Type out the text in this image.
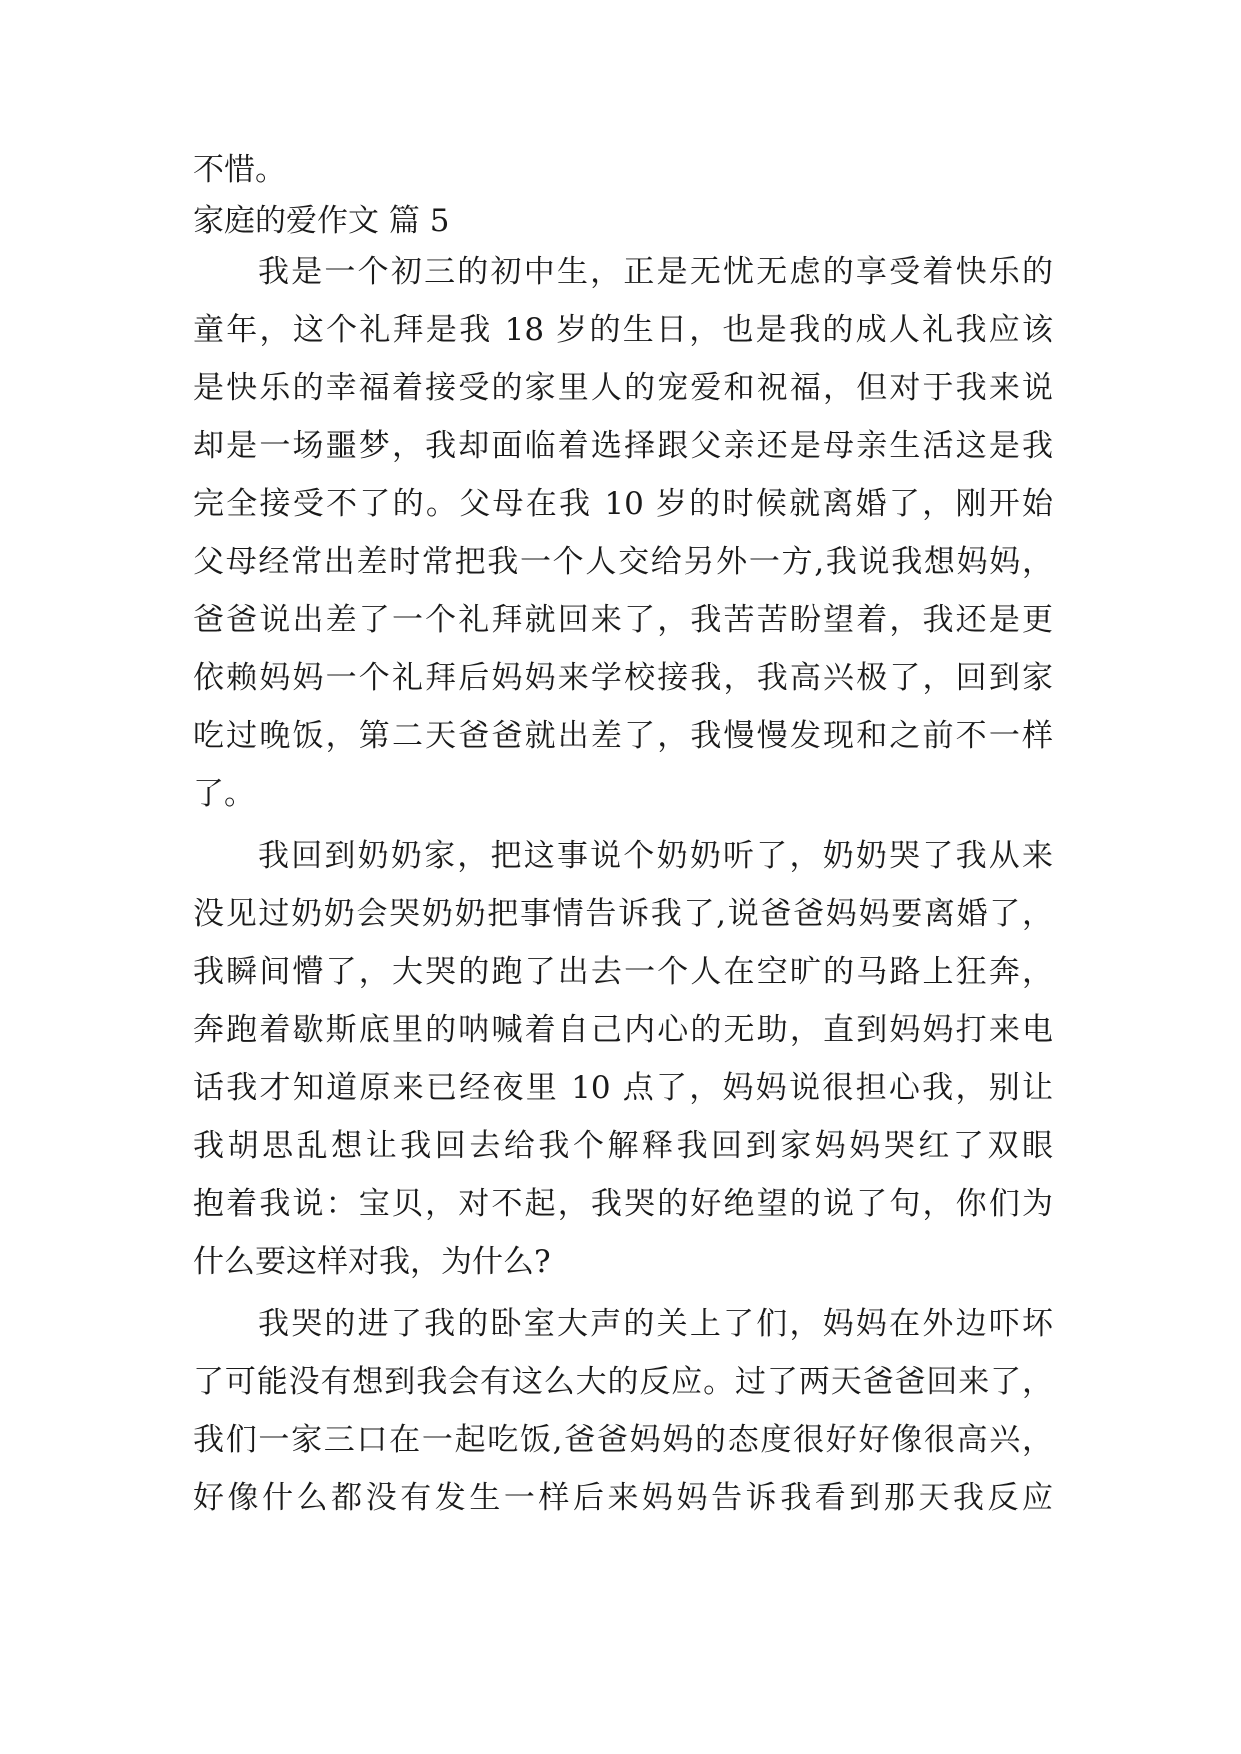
不惜。
家庭的爱作文 篇 5
我是一个初三的初中生，正是无忧无虑的享受着快乐的
童年，这个礼拜是我 18 岁的生日，也是我的成人礼我应该
是快乐的幸福着接受的家里人的宠爱和祝福，但对于我来说
却是一场噩梦，我却面临着选择跟父亲还是母亲生活这是我
完全接受不了的。父母在我 10 岁的时候就离婚了，刚开始
父母经常出差时常把我一个人交给另外一方,我说我想妈妈，
爸爸说出差了一个礼拜就回来了，我苦苦盼望着，我还是更
依赖妈妈一个礼拜后妈妈来学校接我，我高兴极了，回到家
吃过晚饭，第二天爸爸就出差了，我慢慢发现和之前不一样
了。
我回到奶奶家，把这事说个奶奶听了，奶奶哭了我从来
没见过奶奶会哭奶奶把事情告诉我了,说爸爸妈妈要离婚了，
我瞬间懵了，大哭的跑了出去一个人在空旷的马路上狂奔，
奔跑着歇斯底里的呐喊着自己内心的无助，直到妈妈打来电
话我才知道原来已经夜里 10 点了，妈妈说很担心我，别让
我胡思乱想让我回去给我个解释我回到家妈妈哭红了双眼
抱着我说：宝贝，对不起，我哭的好绝望的说了句，你们为
什么要这样对我，为什么?
我哭的进了我的卧室大声的关上了们，妈妈在外边吓坏
了可能没有想到我会有这么大的反应。过了两天爸爸回来了，
我们一家三口在一起吃饭,爸爸妈妈的态度很好好像很高兴，
好像什么都没有发生一样后来妈妈告诉我看到那天我反应
